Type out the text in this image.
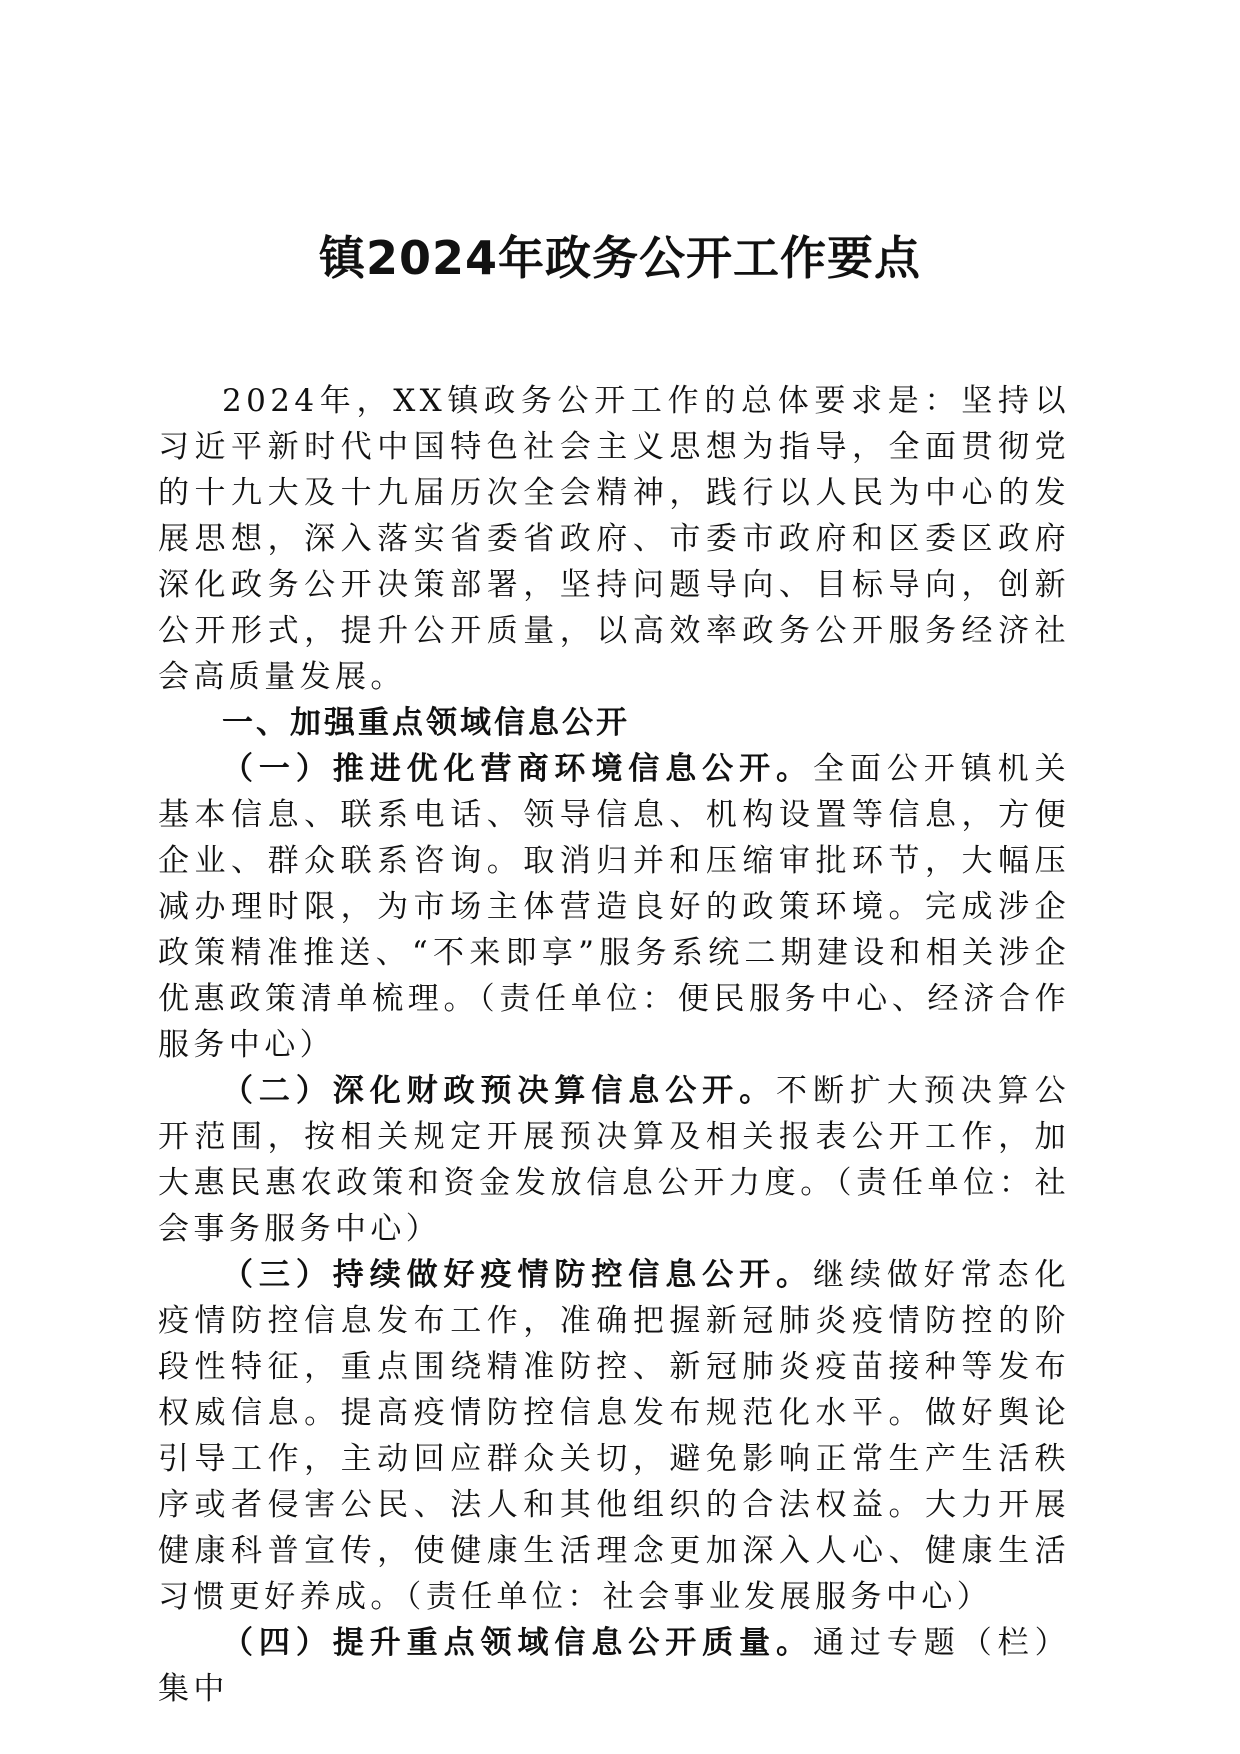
镇2024年政务公开工作要点

2024年，XX镇政务公开工作的总体要求是：坚持以习近平新时代中国特色社会主义思想为指导，全面贯彻党的十九大及十九届历次全会精神，践行以人民为中心的发展思想，深入落实省委省政府、市委市政府和区委区政府深化政务公开决策部署，坚持问题导向、目标导向，创新公开形式，提升公开质量，以高效率政务公开服务经济社会高质量发展。

一、加强重点领域信息公开

（一）推进优化营商环境信息公开。全面公开镇机关基本信息、联系电话、领导信息、机构设置等信息，方便企业、群众联系咨询。取消归并和压缩审批环节，大幅压减办理时限，为市场主体营造良好的政策环境。完成涉企政策精准推送、“不来即享”服务系统二期建设和相关涉企优惠政策清单梳理。（责任单位：便民服务中心、经济合作服务中心）

（二）深化财政预决算信息公开。不断扩大预决算公开范围，按相关规定开展预决算及相关报表公开工作，加大惠民惠农政策和资金发放信息公开力度。（责任单位：社会事务服务中心）

（三）持续做好疫情防控信息公开。继续做好常态化疫情防控信息发布工作，准确把握新冠肺炎疫情防控的阶段性特征，重点围绕精准防控、新冠肺炎疫苗接种等发布权威信息。提高疫情防控信息发布规范化水平。做好舆论引导工作，主动回应群众关切，避免影响正常生产生活秩序或者侵害公民、法人和其他组织的合法权益。大力开展健康科普宣传，使健康生活理念更加深入人心、健康生活习惯更好养成。（责任单位：社会事业发展服务中心）

（四）提升重点领域信息公开质量。通过专题（栏）集中
